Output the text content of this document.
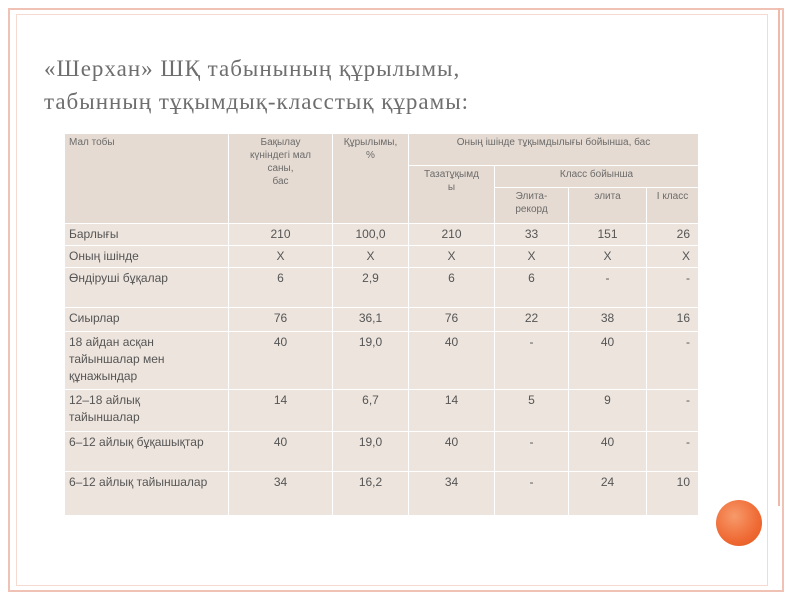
«Шерхан» ШҚ табынының құрылымы,
табынның тұқымдық-класстық құрамы:
Мал тобы	Бақылау
күніндегі мал
саны,
бас	Құрылымы,
%	Оның ішінде тұқымдылығы бойынша, бас			
			Тазатұқымд
ы	Класс бойынша		
				Элита-
рекорд	элита	I класс
Барлығы	210	100,0	210	33	151	26
Оның ішінде	Х	Х	Х	Х	Х	Х
Өндіруші бұқалар	6	2,9	6	6	-	-
Сиырлар	76	36,1	76	22	38	16
18 айдан асқан
тайыншалар мен
құнажындар	40	19,0	40	-	40	-
12–18 айлық
тайыншалар	14	6,7	14	5	9	-
6–12 айлық бұқашықтар	40	19,0	40	-	40	-
6–12 айлық тайыншалар	34	16,2	34	-	24	10
